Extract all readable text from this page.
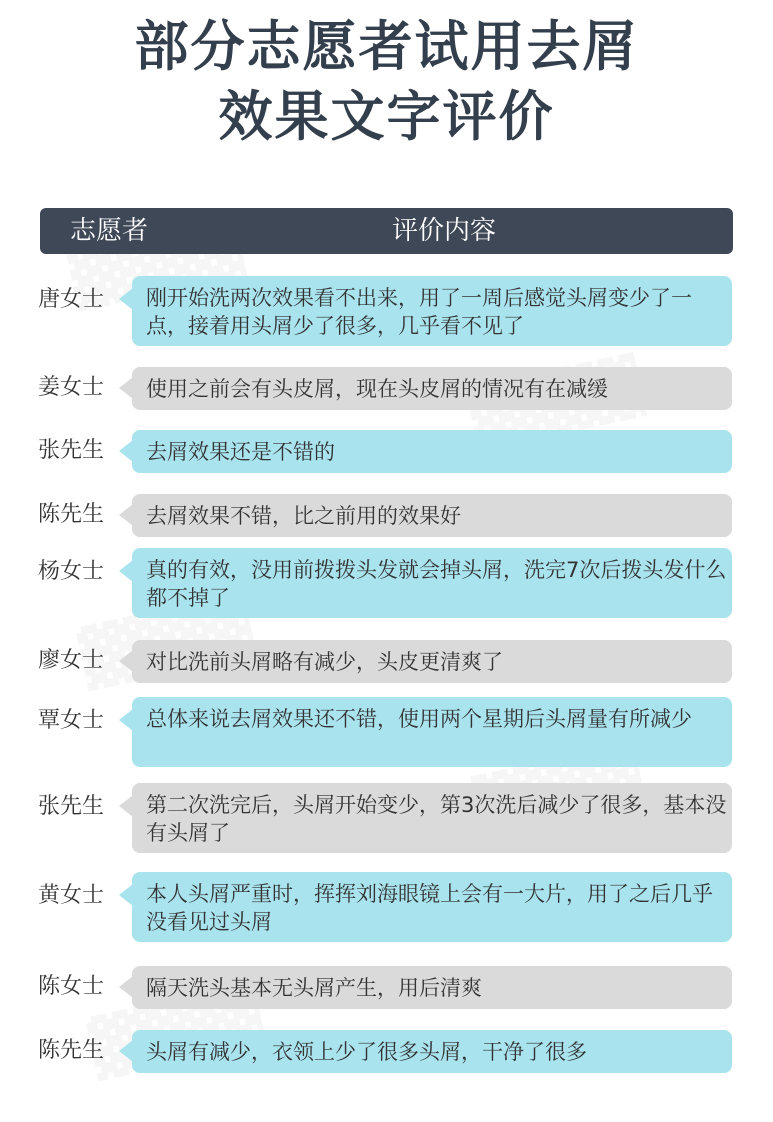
部分志愿者试用去屑
效果文字评价
志愿者	评价内容
唐女士	刚开始洗两次效果看不出来，用了一周后感觉头屑变少了一点，接着用头屑少了很多，几乎看不见了
姜女士	使用之前会有头皮屑，现在头皮屑的情况有在减缓
张先生	去屑效果还是不错的
陈先生	去屑效果不错，比之前用的效果好
杨女士	真的有效，没用前拨拨头发就会掉头屑，洗完7次后拨头发什么都不掉了
廖女士	对比洗前头屑略有减少，头皮更清爽了
覃女士	总体来说去屑效果还不错，使用两个星期后头屑量有所减少
张先生	第二次洗完后，头屑开始变少，第3次洗后减少了很多，基本没有头屑了
黄女士	本人头屑严重时，挥挥刘海眼镜上会有一大片，用了之后几乎没看见过头屑
陈女士	隔天洗头基本无头屑产生，用后清爽
陈先生	头屑有减少，衣领上少了很多头屑，干净了很多
